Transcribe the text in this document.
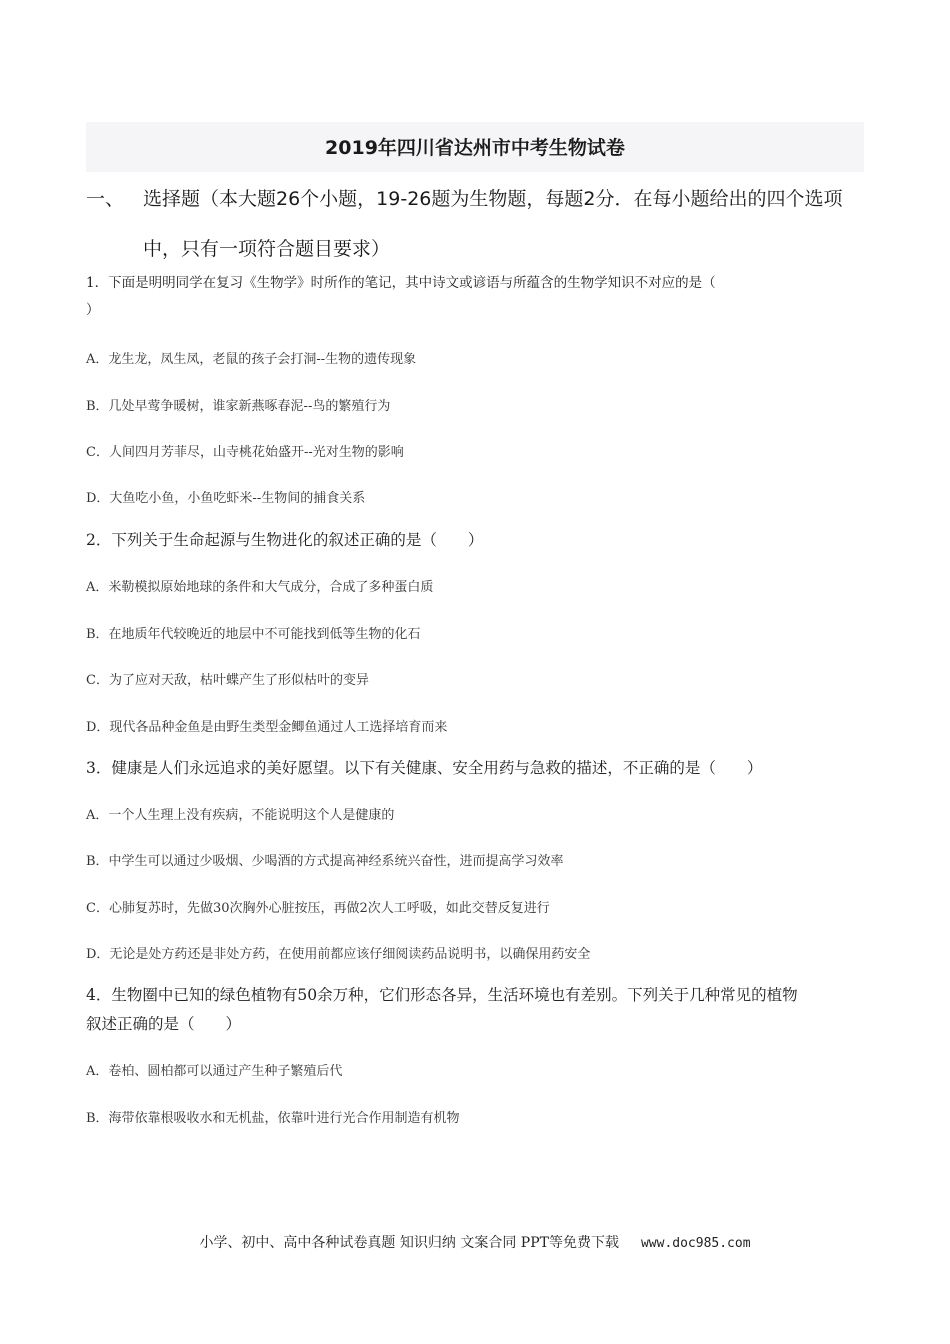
2019年四川省达州市中考生物试卷
一、 选择题（本大题26个小题，19-26题为生物题，每题2分．在每小题给出的四个选项
中，只有一项符合题目要求）
1．下面是明明同学在复习《生物学》时所作的笔记，其中诗文或谚语与所蕴含的生物学知识不对应的是（
）
A．龙生龙，凤生凤，老鼠的孩子会打洞--生物的遗传现象
B．几处早莺争暖树，谁家新燕啄春泥--鸟的繁殖行为
C．人间四月芳菲尽，山寺桃花始盛开--光对生物的影响
D．大鱼吃小鱼，小鱼吃虾米--生物间的捕食关系
2．下列关于生命起源与生物进化的叙述正确的是（　　）
A．米勒模拟原始地球的条件和大气成分，合成了多种蛋白质
B．在地质年代较晚近的地层中不可能找到低等生物的化石
C．为了应对天敌，枯叶蝶产生了形似枯叶的变异
D．现代各品种金鱼是由野生类型金鲫鱼通过人工选择培育而来
3．健康是人们永远追求的美好愿望。以下有关健康、安全用药与急救的描述，不正确的是（　　）
A．一个人生理上没有疾病，不能说明这个人是健康的
B．中学生可以通过少吸烟、少喝酒的方式提高神经系统兴奋性，进而提高学习效率
C．心肺复苏时，先做30次胸外心脏按压，再做2次人工呼吸，如此交替反复进行
D．无论是处方药还是非处方药，在使用前都应该仔细阅读药品说明书，以确保用药安全
4．生物圈中已知的绿色植物有50余万种，它们形态各异，生活环境也有差别。下列关于几种常见的植物
叙述正确的是（　　）
A．卷柏、圆柏都可以通过产生种子繁殖后代
B．海带依靠根吸收水和无机盐，依靠叶进行光合作用制造有机物
小学、初中、高中各种试卷真题 知识归纳 文案合同 PPT等免费下载 www.doc985.com
